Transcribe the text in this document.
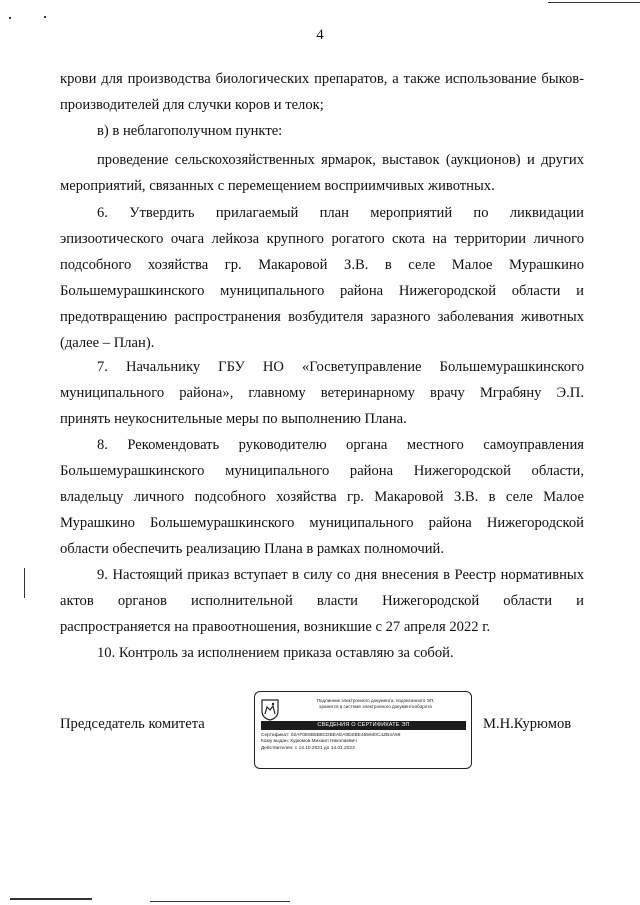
4
крови для производства биологических препаратов, а также использование быков-
производителей для случки коров и телок;
в) в неблагополучном пункте:
проведение сельскохозяйственных ярмарок, выставок (аукционов) и других
мероприятий, связанных с перемещением восприимчивых животных.
6. Утвердить прилагаемый план мероприятий по ликвидации
эпизоотического очага лейкоза крупного рогатого скота на территории личного
подсобного хозяйства гр. Макаровой З.В. в селе Малое Мурашкино
Большемурашкинского муниципального района Нижегородской области и
предотвращению распространения возбудителя заразного заболевания животных
(далее – План).
7. Начальнику ГБУ НО «Госветуправление Большемурашкинского
муниципального района», главному ветеринарному врачу Мграбяну Э.П.
принять неукоснительные меры по выполнению Плана.
8. Рекомендовать руководителю органа местного самоуправления
Большемурашкинского муниципального района Нижегородской области,
владельцу личного подсобного хозяйства гр. Макаровой З.В. в селе Малое
Мурашкино Большемурашкинского муниципального района Нижегородской
области обеспечить реализацию Плана в рамках полномочий.
9. Настоящий приказ вступает в силу со дня внесения в Реестр нормативных
актов органов исполнительной власти Нижегородской области и
распространяется на правоотношения, возникшие с 27 апреля 2022 г.
10. Контроль за исполнением приказа оставляю за собой.
Председатель комитета	М.Н.Курюмов
Подлинник электронного документа, подписанного ЭП,
хранится в системе электронного документооборота
СВЕДЕНИЯ О СЕРТИФИКАТЕ ЭП
Сертификат: 02AF0E6B5B8CDBEAEA0EEBE455940C4ZB4A59
Кому выдан: Курюмов Михаил Николаевич
Действителен: с 14.10.2021 до 14.01.2023
